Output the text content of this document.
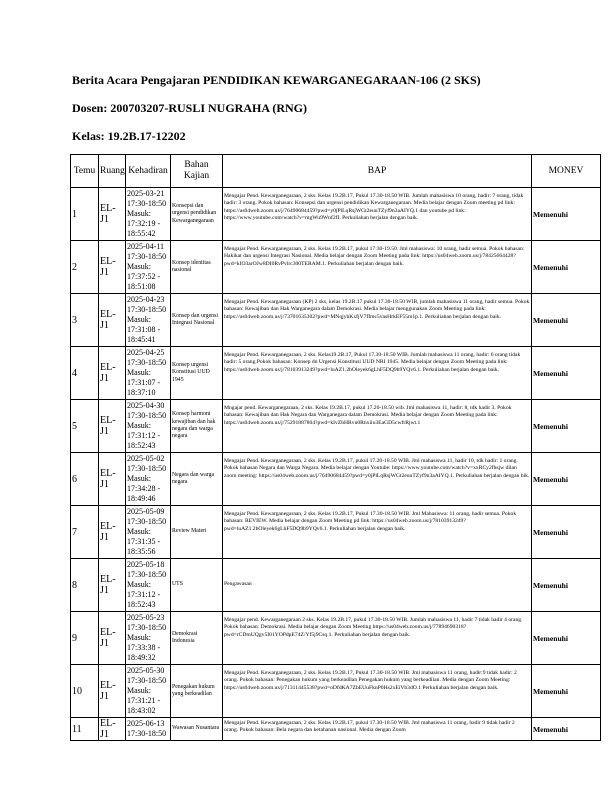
Berita Acara Pengajaran PENDIDIKAN KEWARGANEGARAAN-106 (2 SKS)
Dosen: 200703207-RUSLI NUGRAHA (RNG)
Kelas: 19.2B.17-12202
Temu	Ruang	Kehadiran	Bahan Kajian	BAP	MONEV
1	EL-J1	2025-03-21 17:30-18:50 Masuk: 17:32:19 - 18:55:42	Konsepsi dan urgensi pendidikan Kewarganegaraan	Mengajar Pend. Kewarganegaraan, 2 sks. Kelas 19.2B.17, Pukul 17.30-18.50 WIB. Jumlah mahasiswa 10 orang, hadir: 7 orang, tidak hadir: 3 orang. Pokok bahasan: Konsepsi dan urgensi pendidikan Kewarganegaraan. Media belajar dengan Zoom meeting pd link: https://us04web.zoom.us/j/76490684459?pwd=y0jPlLqRsjWGt2euuTZyf9n3aAIYQ.1 dan youtube pd link: https://www.youtube.com/watch?v=mgWu9Wnf2fI. Perkuliahan berjalan dengan baik.	Memenuhi
2	EL-J1	2025-04-11 17:30-18:50 Masuk: 17:37:52 - 18:51:08	Konsep identitas nasional	Mengajar Pend. Kewarganegaraan, 2 sks. Kelas 19.2B.17, pukul 17:30-19.50. Jml mahasiswa: 10 orang, hadir semua. Pokok bahasan: Hakikat dan urgensi Integrasi Nasional. Media belajar dengan Zoom Meeting pada link: https://us04web.zoom.us/j/78425664428?pwd=kIO3arOJw8DI0RvPvlrc300TERAM.1. Perkuliahan berjalan dengan baik.	Memenuhi
3	EL-J1	2025-04-23 17:30-18:50 Masuk: 17:31:08 - 18:45:41	Konsep dan urgensi Integrasi Nasional	Mengajar Pend. Kewarganegaraan (KP) 2 sks, kelas 19.2B.17 pukul 17.30-18.50 WIB, jumlah mahasiswa 11 orang, hadir semua. Pokok bahasan: Kewajiban dan Hak Warganegara dalam Demokrasi. Media belajar menggunakan Zoom Meeting pada link: https://us04web.zoom.us/j/73701635302?pwd=MNqjybKxfjV7fImc5vasHrkEF55m1p.1. Perkuliahan berjalan dengan baik.	Memenuhi
4	EL-J1	2025-04-25 17:30-18:50 Masuk: 17:31:07 - 18:37:10	Konsep urgensi Konstitusi UUD 1945	Mengajar Pend. Kewarganegaraan, 2 sks. Kelas19.2B.17, Pukul 17.30-18.50 WIB. Jumlah mahasiswa 11 orang, hadir: 6 orang tidak hadir: 5 orang.Pokok bahasan: Konsep dn Urgensi Konstitusi UUD NRI 1945. Media belajar dengan Zoom Meeting pada link: https://us04web.zoom.us/j/78103913249?pwd=luAZ1.2bOleyek6gLhF5DQ9b9YQv6.1. Perkuliahan berjalan dengan baik.	Memenuhi
5	EL-J1	2025-04-30 17:30-18:50 Masuk: 17:31:12 - 18:52:43	Konsep harmoni kewajiban dan hak negara dan warga negara	Mngajar pend. Kewarganegaraan, 2 sks. Kelas 19.2B.17, pukul 17.20-18.50 wib. Jml mahasiswa 11, hadir: 8, tdk hadir 3. Pokok bahasan: Kewajiban dan Hak Negara dan Warganegara dalam Demokrasi. Media belajar dengan Zoom Meeting pada link: https://us04web.zoom.us/j/75291887804?pwd=kIvZbHRvu0Rnxiio3EaGD5cwfrRjwt.1	Memenuhi
6	EL-J1	2025-05-02 17:30-18:50 Masuk: 17:34:28 - 18:49:46	Negara dan warga negara	Mengajar Pend. Kewarganegaraan, 2 sks. Kelas 19.2B.17, pukul 17.20-18.50 WIB. Jml mahasiswa 11, hadir 10, tdk hadir: 1 orang. Pokok bahasan Negara dan Warga Negara. Media belajar dengan Youtube: https://www.youtube.com/watch?v=xxRCy2fhsjw dilan zoom meeting: https://us04web.zoom.us/j/76490684459?pwd=y0jPlLqRsjWGt2euuTZyf9n3aAIYQ.1. Perkuliahan berjalan dengan bik.	Memenuhi
7	EL-J1	2025-05-09 17:30-18:50 Masuk: 17:31:35 - 18:35:56	Review Materi	Mengajar Pend. Kewarganegaraan, 2 sks. Kelas 19.2B.17, Pukul 17.30-18.50 WIB. Jml Mahasiswa: 11 orang, hadir semua. Pokok bahasan: REVIEW. Media belajar dengan Zoom Meeting pd link: https://us04web.zoom.us/j/78103913249?pwd=luAZ1.2bOleyek6gLhF5DQ9b9YQv6.1. Perkuliahan berjalan dengan baik.	Memenuhi
8	EL-J1	2025-05-18 17:30-18:50 Masuk: 17:31:12 - 18:52:43	UTS	Pengawasan	Memenuhi
9	EL-J1	2025-05-23 17:30-18:50 Masuk: 17:33:38 - 18:49:32	Demokrasi Indonesia	Mengajar pend. Kewarganegaraan 2 sks. Kelas 19.2B.17, pukul 17.30-18.50 WIB. Jumlah mahasiswa 11, hadir 7 tidak hadir 4 orang. Pokok bahasan: Demokrasi. Media belajar dengan Zoom Meeting https://us04web.zoom.us/j/77894690318?pwd=rCDmUQgv5I01YOPdpE74Z/Yf5j9Csq.1. Perkuliahan berjalan dengan baik.	Memenuhi
10	EL-J1	2025-05-30 17:30-18:50 Masuk: 17:31:21 - 18:43:02	Penegakan hukum yang berkeadilan	Mengajar Pend. Kewarganegaraan, 2 sks. Kelas 19.2B.17, Pukul 17.30-18.50 WIB. Jml mahasiswa 11 orang, hadir:9 tidak hadir: 2 orang. Pokok bahasan: Penegakan hukum yang berkeadilan Penegakan hukum yang berkeadilan. Media dengan Zoom Meeting: https://us04web.zoom.us/j/71311445538?pwd=oDfdKA7ZbEUuFknP0Hs2xEiVb3dO.1 Perkuliahan berjalan dengan baik.	Memenuhi
11	EL-J1	2025-06-13 17:30-18:50	Wawasan Nusantara	Mengajar Pend. Kewarganegaraan, 2 sks. Kelas 19.2B.17, pukul 17.30-18.50 WIB. Jml mahasiswa 11 orang, hadir 9 tidak hadir 2 orang. Pokok bahasan: Bela negara dan ketahanan nasional. Media dengan Zoom	Memenuhi
